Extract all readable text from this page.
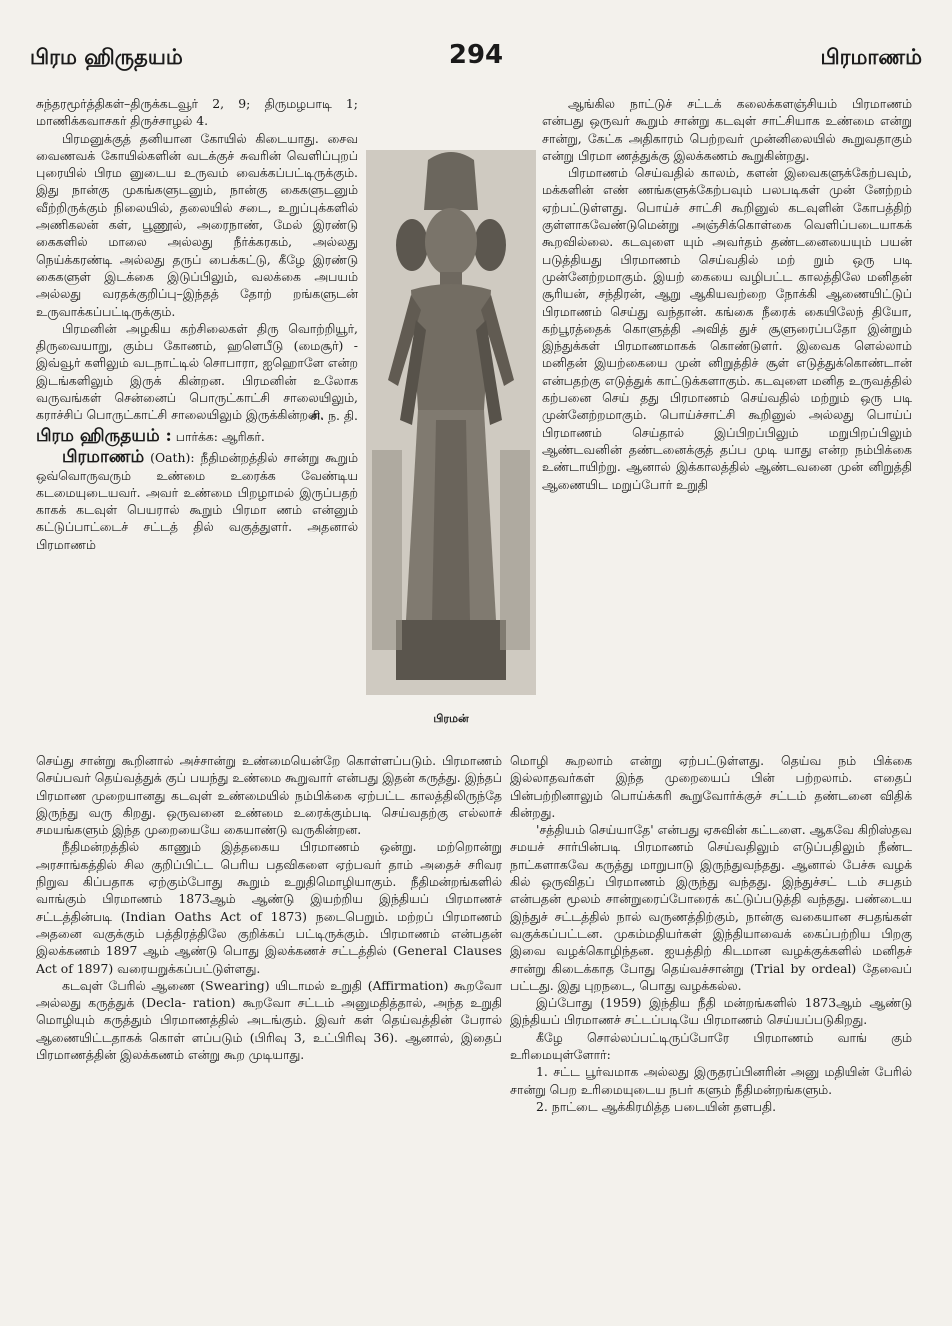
பிரம ஹிருதயம்	294	பிரமாணம்

சுந்தரமூர்த்திகள்–திருக்கடவூர் 2, 9; திருமழபாடி 1; மாணிக்கவாசகர் திருச்சாழல் 4.

பிரமனுக்குத் தனியான கோயில் கிடையாது. சைவ வைணவக் கோயில்களின் வடக்குச் சுவரின் வெளிப்புறப் புரையில் பிரம னுடைய உருவம் வைக்கப்பட்டிருக்கும். இது நான்கு முகங்களுடனும், நான்கு கைகளுடனும் வீற்றிருக்கும் நிலையில், தலையில் சடை, உறுப்புக்களில் அணிகலன் கள், பூணூல், அரைநாண், மேல் இரண்டு கைகளில் மாலை அல்லது நீர்க்கரகம், அல்லது நெய்க்கரண்டி அல்லது தருப் பைக்கட்டு, கீழே இரண்டு கைகளுள் இடக்கை இடுப்பிலும், வலக்கை அபயம் அல்லது வரதக்குறிப்பு–இந்தத் தோற் றங்களுடன் உருவாக்கப்பட்டிருக்கும்.

பிரமனின் அழகிய கற்சிலைகள் திரு வொற்றியூர், திருவையாறு, கும்ப கோணம், ஹளெபீடு (மைசூர்) - இவ்வூர் களிலும் வடநாட்டில் சொபாரா, ஐஹொளே என்ற இடங்களிலும் இருக் கின்றன. பிரமனின் உலோக வருவங்கள் சென்னைப் பொருட்காட்சி சாலையிலும், கராச்சிப் பொருட்காட்சி சாலையிலும் இருக்கின்றன.

சி. ந. தி.

பிரம ஹிருதயம் : பார்க்க: ஆரிகர்.

பிரமாணம் (Oath): நீதிமன்றத்தில் சான்று கூறும் ஒவ்வொருவரும் உண்மை உரைக்க வேண்டிய கடமையுடையவர். அவர் உண்மை பிறழாமல் இருப்பதற் காகக் கடவுள் பெயரால் கூறும் பிரமா ணம் என்னும் கட்டுப்பாட்டைச் சட்டத் தில் வகுத்துளர். அதனால் பிரமாணம்

பிரமன்

ஆங்கில நாட்டுச் சட்டக் கலைக்களஞ்சியம் பிரமாணம் என்பது ஒருவர் கூறும் சான்று கடவுள் சாட்சியாக உண்மை என்று சான்று, கேட்க அதிகாரம் பெற்றவர் முன்னிலையில் கூறுவதாகும் என்று பிரமா ணத்துக்கு இலக்கணம் கூறுகின்றது.

பிரமாணம் செய்வதில் காலம், களன் இவைகளுக்கேற்பவும், மக்களின் எண் ணங்களுக்கேற்பவும் பலபடிகள் முன் னேற்றம் ஏற்பட்டுள்ளது. பொய்ச் சாட்சி கூறினுல் கடவுளின் கோபத்திற் குள்ளாகவேண்டுமென்று அஞ்சிக்கொள்கை வெளிப்படையாகக் கூறவில்லை. கடவுளை யும் அவர்தம் தண்டனையையும் பயன் படுத்தியது பிரமாணம் செய்வதில் மற் றும் ஒரு படி முன்னேற்றமாகும். இயற் கையை வழிபட்ட காலத்திலே மனிதன் சூரியன், சந்திரன், ஆறு ஆகியவற்றை நோக்கி ஆணையிட்டுப் பிரமாணம் செய்து வந்தான். கங்கை நீரைக் கையிலேந் தியோ, கற்பூரத்தைக் கொளுத்தி அவித் துச் சூளுரைப்பதோ இன்றும் இந்துக்கள் பிரமாணமாகக் கொண்டுளர். இவைக ளெல்லாம் மனிதன் இயற்கையை முன் னிறுத்திச் சூள் எடுத்துக்கொண்டான் என்பதற்கு எடுத்துக் காட்டுக்களாகும். கடவுளை மனித உருவத்தில் கற்பனை செய் தது பிரமாணம் செய்வதில் மற்றும் ஒரு படி முன்னேற்றமாகும். பொய்ச்சாட்சி கூறினுல் அல்லது பொய்ப் பிரமாணம் செய்தால் இப்பிறப்பிலும் மறுபிறப்பிலும் ஆண்டவனின் தண்டனைக்குத் தப்ப முடி யாது என்ற நம்பிக்கை உண்டாயிற்று. ஆனால் இக்காலத்தில் ஆண்டவனை முன் னிறுத்தி ஆணையிட மறுப்போர் உறுதி

செய்து சான்று கூறினால் அச்சான்று உண்மையென்றே கொள்ளப்படும். பிரமாணம் செய்பவர் தெய்வத்துக் குப் பயந்து உண்மை கூறுவார் என்பது இதன் கருத்து. இந்தப் பிரமாண முறையானது கடவுள் உண்மையில் நம்பிக்கை ஏற்பட்ட காலத்திலிருந்தே இருந்து வரு கிறது. ஒருவனை உண்மை உரைக்கும்படி செய்வதற்கு எல்லாச் சமயங்களும் இந்த முறையையே கையாண்டு வருகின்றன.

நீதிமன்றத்தில் காணும் இத்தகைய பிரமாணம் ஒன்று. மற்றொன்று அரசாங்கத்தில் சில குறிப்பிட்ட பெரிய பதவிகளை ஏற்பவர் தாம் அதைச் சரிவர நிறுவ கிப்பதாக ஏற்கும்போது கூறும் உறுதிமொழியாகும். நீதிமன்றங்களில் வாங்கும் பிரமாணம் 1873ஆம் ஆண்டு இயற்றிய இந்தியப் பிரமாணச் சட்டத்தின்படி (Indian Oaths Act of 1873) நடைபெறும். மற்றப் பிரமாணம் அதனை வகுக்கும் பத்திரத்திலே குறிக்கப் பட்டிருக்கும். பிரமாணம் என்பதன் இலக்கணம் 1897 ஆம் ஆண்டு பொது இலக்கணச் சட்டத்தில் (General Clauses Act of 1897) வரையறுக்கப்பட்டுள்ளது.

கடவுள் பேரில் ஆணை (Swearing) யிடாமல் உறுதி (Affirmation) கூறவோ அல்லது கருத்துக் (Decla- ration) கூறவோ சட்டம் அனுமதித்தால், அந்த உறுதி மொழியும் கருத்தும் பிரமாணத்தில் அடங்கும். இவர் கள் தெய்வத்தின் பேரால் ஆணையிட்டதாகக் கொள் ளப்படும் (பிரிவு 3, உட்பிரிவு 36). ஆனால், இதைப் பிரமாணத்தின் இலக்கணம் என்று கூற முடியாது.

மொழி கூறலாம் என்று ஏற்பட்டுள்ளது. தெய்வ நம் பிக்கை இல்லாதவர்கள் இந்த முறையைப் பின் பற்றலாம். எதைப் பின்பற்றினாலும் பொய்க்கரி கூறுவோர்க்குச் சட்டம் தண்டனை விதிக் கின்றது.

'சத்தியம் செய்யாதே' என்பது ஏசுவின் கட்டளை. ஆகவே கிறிஸ்தவ சமயச் சார்பின்படி பிரமாணம் செய்வதிலும் எடுப்பதிலும் நீண்ட நாட்களாகவே கருத்து மாறுபாடு இருந்துவந்தது. ஆனால் பேச்சு வழக் கில் ஒருவிதப் பிரமாணம் இருந்து வந்தது. இந்துச்சட் டம் சபதம் என்பதன் மூலம் சான்றுரைப்போரைக் கட்டுப்படுத்தி வந்தது. பண்டைய இந்துச் சட்டத்தில் நால் வருணத்திற்கும், நான்கு வகையான சபதங்கள் வகுக்கப்பட்டன. முகம்மதியர்கள் இந்தியாவைக் கைப்பற்றிய பிறகு இவை வழக்கொழிந்தன. ஐயத்திற் கிடமான வழக்குக்களில் மனிதச் சான்று கிடைக்காத போது தெய்வச்சான்று (Trial by ordeal) தேவைப் பட்டது. இது புறநடை, பொது வழக்கல்ல.

இப்போது (1959) இந்திய நீதி மன்றங்களில் 1873ஆம் ஆண்டு இந்தியப் பிரமாணச் சட்டப்படியே பிரமாணம் செய்யப்படுகிறது.

கீழே சொல்லப்பட்டிருப்போரே பிரமாணம் வாங் கும் உரிமையுள்ளோர்:

1. சட்ட பூர்வமாக அல்லது இருதரப்பினரின் அனு மதியின் பேரில் சான்று பெற உரிமையுடைய நபர் களும் நீதிமன்றங்களும்.

2. நாட்டை ஆக்கிரமித்த படையின் தளபதி.
